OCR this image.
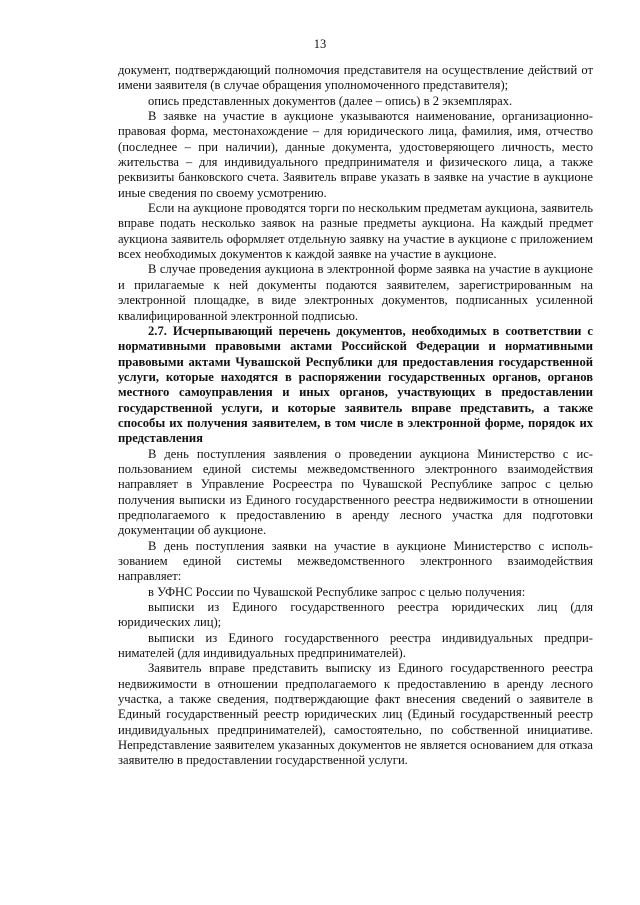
13

документ, подтверждающий полномочия представителя на осуществление действий от имени заявителя (в случае обращения уполномоченного представителя);

опись представленных документов (далее – опись) в 2 экземплярах.

В заявке на участие в аукционе указываются наименование, организационно-правовая форма, местонахождение – для юридического лица, фамилия, имя, отчество (последнее – при наличии), данные документа, удостоверяющего личность, место жительства – для индивидуального предпринимателя и физического лица, а также реквизиты банковского счета. Заявитель вправе указать в заявке на участие в аукционе иные сведения по своему усмотрению.

Если на аукционе проводятся торги по нескольким предметам аукциона, заявитель вправе подать несколько заявок на разные предметы аукциона. На каждый предмет аукциона заявитель оформляет отдельную заявку на участие в аукционе с приложением всех необходимых документов к каждой заявке на участие в аукционе.

В случае проведения аукциона в электронной форме заявка на участие в аукционе и прилагаемые к ней документы подаются заявителем, зарегистрированным на электронной площадке, в виде электронных документов, подписанных усиленной квалифицированной электронной подписью.

2.7. Исчерпывающий перечень документов, необходимых в соответствии с нормативными правовыми актами Российской Федерации и нормативными правовыми актами Чувашской Республики для предоставления государственной услуги, которые находятся в распоряжении государственных органов, органов местного самоуправления и иных органов, участвующих в предоставлении государственной услуги, и которые заявитель вправе представить, а также способы их получения заявителем, в том числе в электронной форме, порядок их представления

В день поступления заявления о проведении аукциона Министерство с использованием единой системы межведомственного электронного взаимодействия направляет в Управление Росреестра по Чувашской Республике запрос с целью получения выписки из Единого государственного реестра недвижимости в отношении предполагаемого к предоставлению в аренду лесного участка для подготовки документации об аукционе.

В день поступления заявки на участие в аукционе Министерство с использованием единой системы межведомственного электронного взаимодействия направляет:

в УФНС России по Чувашской Республике запрос с целью получения:

выписки из Единого государственного реестра юридических лиц (для юридических лиц);

выписки из Единого государственного реестра индивидуальных предпринимателей (для индивидуальных предпринимателей).

Заявитель вправе представить выписку из Единого государственного реестра недвижимости в отношении предполагаемого к предоставлению в аренду лесного участка, а также сведения, подтверждающие факт внесения сведений о заявителе в Единый государственный реестр юридических лиц (Единый государственный реестр индивидуальных предпринимателей), самостоятельно, по собственной инициативе. Непредставление заявителем указанных документов не является основанием для отказа заявителю в предоставлении государственной услуги.
